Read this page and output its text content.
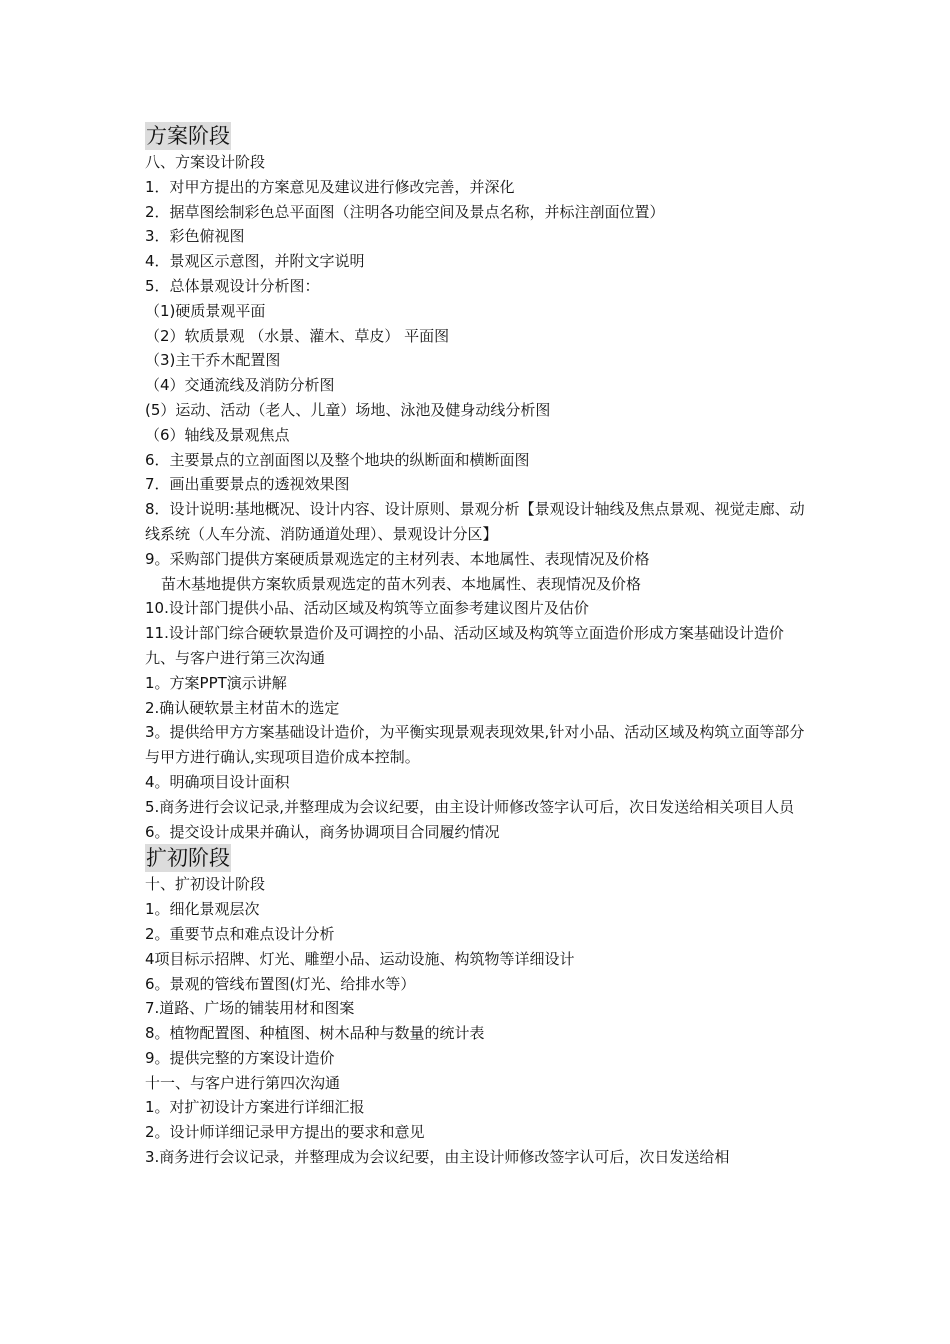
方案阶段

八、方案设计阶段

1．对甲方提出的方案意见及建议进行修改完善，并深化

2．据草图绘制彩色总平面图（注明各功能空间及景点名称，并标注剖面位置）

3．彩色俯视图

4．景观区示意图，并附文字说明

5．总体景观设计分析图：

（1)硬质景观平面

（2）软质景观 （水景、灌木、草皮） 平面图

（3)主干乔木配置图

（4）交通流线及消防分析图

(5）运动、活动（老人、儿童）场地、泳池及健身动线分析图

（6）轴线及景观焦点

6．主要景点的立剖面图以及整个地块的纵断面和横断面图

7．画出重要景点的透视效果图

8．设计说明:基地概况、设计内容、设计原则、景观分析【景观设计轴线及焦点景观、视觉走廊、动线系统（人车分流、消防通道处理）、景观设计分区】

9。采购部门提供方案硬质景观选定的主材列表、本地属性、表现情况及价格

苗木基地提供方案软质景观选定的苗木列表、本地属性、表现情况及价格

10.设计部门提供小品、活动区域及构筑等立面参考建议图片及估价

11.设计部门综合硬软景造价及可调控的小品、活动区域及构筑等立面造价形成方案基础设计造价

九、与客户进行第三次沟通

1。方案PPT演示讲解

2.确认硬软景主材苗木的选定

3。提供给甲方方案基础设计造价，为平衡实现景观表现效果,针对小品、活动区域及构筑立面等部分与甲方进行确认,实现项目造价成本控制。

4。明确项目设计面积

5.商务进行会议记录,并整理成为会议纪要，由主设计师修改签字认可后，次日发送给相关项目人员

6。提交设计成果并确认，商务协调项目合同履约情况

扩初阶段

十、扩初设计阶段

1。细化景观层次

2。重要节点和难点设计分析

4项目标示招牌、灯光、雕塑小品、运动设施、构筑物等详细设计

6。景观的管线布置图(灯光、给排水等）

7.道路、广场的铺装用材和图案

8。植物配置图、种植图、树木品种与数量的统计表

9。提供完整的方案设计造价

十一、与客户进行第四次沟通

1。对扩初设计方案进行详细汇报

2。设计师详细记录甲方提出的要求和意见

3.商务进行会议记录，并整理成为会议纪要，由主设计师修改签字认可后，次日发送给相
